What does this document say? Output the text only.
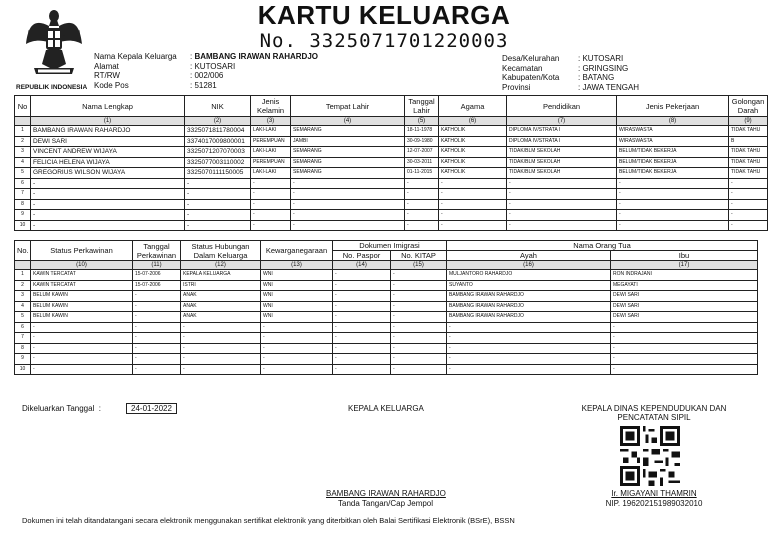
KARTU KELUARGA
No. 3325071701220003
REPUBLIK INDONESIA
Nama Kepala Keluarga	: BAMBANG IRAWAN RAHARDJO
Alamat	: KUTOSARI
RT/RW	: 002/006
Kode Pos	: 51281
Desa/Kelurahan	: KUTOSARI
Kecamatan	: GRINGSING
Kabupaten/Kota	: BATANG
Provinsi	: JAWA TENGAH
No	Nama Lengkap	NIK	Jenis Kelamin	Tempat Lahir	Tanggal Lahir	Agama	Pendidikan	Jenis Pekerjaan	Golongan Darah
	(1)	(2)	(3)	(4)	(5)	(6)	(7)	(8)	(9)
1	BAMBANG IRAWAN RAHARDJO	3325071811780004	LAKI-LAKI	SEMARANG	18-11-1978	KATHOLIK	DIPLOMA IV/STRATA I	WIRASWASTA	TIDAK TAHU
2	DEWI SARI	3374017009800001	PEREMPUAN	JAMBI	30-09-1980	KATHOLIK	DIPLOMA IV/STRATA I	WIRASWASTA	B
3	VINCENT ANDREW WIJAYA	3325071207070003	LAKI-LAKI	SEMARANG	12-07-2007	KATHOLIK	TIDAK/BLM SEKOLAH	BELUM/TIDAK BEKERJA	TIDAK TAHU
4	FELICIA HELENA WIJAYA	3325077003110002	PEREMPUAN	SEMARANG	30-03-2011	KATHOLIK	TIDAK/BLM SEKOLAH	BELUM/TIDAK BEKERJA	TIDAK TAHU
5	GREGORIUS WILSON WIJAYA	3325070111150005	LAKI-LAKI	SEMARANG	01-11-2015	KATHOLIK	TIDAK/BLM SEKOLAH	BELUM/TIDAK BEKERJA	TIDAK TAHU
6	-	-	-	-	-	-	-	-	-
7	-	-	-	-	-	-	-	-	-
8	-	-	-	-	-	-	-	-	-
9	-	-	-	-	-	-	-	-	-
10	-	-	-	-	-	-	-	-	-
No.	Status Perkawinan	Tanggal Perkawinan	Status Hubungan Dalam Keluarga	Kewarganegaraan	Dokumen Imigrasi		Nama Orang Tua	
					No. Paspor	No. KITAP	Ayah	Ibu
	(10)	(11)	(12)	(13)	(14)	(15)	(16)	(17)
1	KAWIN TERCATAT	15-07-2006	KEPALA KELUARGA	WNI	-	-	MULJANTORO RAHARDJO	RON INDRAJANI
2	KAWIN TERCATAT	15-07-2006	ISTRI	WNI	-	-	SUYANTO	MEGAYATI
3	BELUM KAWIN	-	ANAK	WNI	-	-	BAMBANG IRAWAN RAHARDJO	DEWI SARI
4	BELUM KAWIN	-	ANAK	WNI	-	-	BAMBANG IRAWAN RAHARDJO	DEWI SARI
5	BELUM KAWIN	-	ANAK	WNI	-	-	BAMBANG IRAWAN RAHARDJO	DEWI SARI
6	-	-	-	-	-	-	-	-
7	-	-	-	-	-	-	-	-
8	-	-	-	-	-	-	-	-
9	-	-	-	-	-	-	-	-
10	-	-	-	-	-	-	-	-
Dikeluarkan Tanggal  :	24-01-2022	KEPALA KELUARGA
BAMBANG IRAWAN RAHARDJO
Tanda Tangan/Cap Jempol
KEPALA DINAS KEPENDUDUKAN DAN
PENCATATAN SIPIL
Ir. MIGAYANI THAMRIN
NIP. 196202151989032010
Dokumen ini telah ditandatangani secara elektronik menggunakan sertifikat elektronik yang diterbitkan oleh Balai Sertifikasi Elektronik (BSrE), BSSN
